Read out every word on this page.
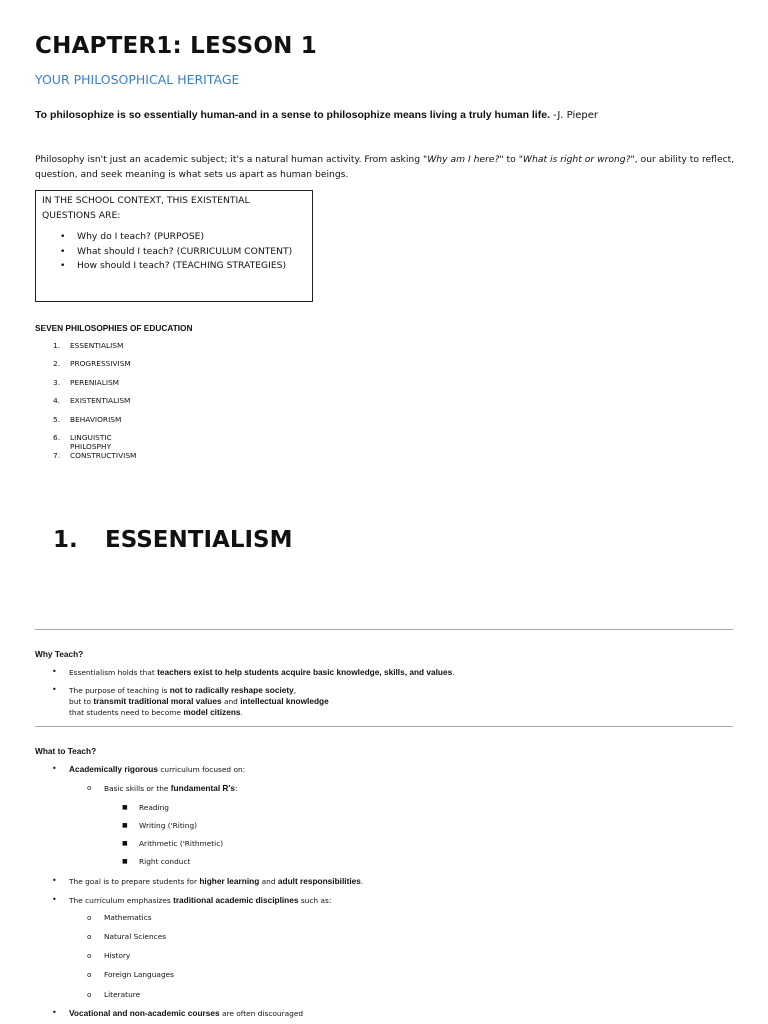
CHAPTER1: LESSON 1
YOUR PHILOSOPHICAL HERITAGE
To philosophize is so essentially human-and in a sense to philosophize means living a truly human life. -J. Pieper
Philosophy isn't just an academic subject; it's a natural human activity. From asking "Why am I here?" to "What is right or wrong?", our ability to reflect, question, and seek meaning is what sets us apart as human beings.
IN THE SCHOOL CONTEXT, THIS EXISTENTIAL QUESTIONS ARE:
• Why do I teach? (PURPOSE)
• What should I teach? (CURRICULUM CONTENT)
• How should I teach? (TEACHING STRATEGIES)
SEVEN PHILOSOPHIES OF EDUCATION
1.	ESSENTIALISM
2.	PROGRESSIVISM
3.	PERENIALISM
4.	EXISTENTIALISM
5.	BEHAVIORISM
6.	LINGUISTIC PHILOSPHY
7.	CONSTRUCTIVISM
1. ESSENTIALISM
Why Teach?
• Essentialism holds that teachers exist to help students acquire basic knowledge, skills, and values.
• The purpose of teaching is not to radically reshape society,
but to transmit traditional moral values and intellectual knowledge
that students need to become model citizens.
What to Teach?
• Academically rigorous curriculum focused on:
o Basic skills or the fundamental R's:
■ Reading
■ Writing ('Riting)
■ Arithmetic ('Rithmetic)
■ Right conduct
• The goal is to prepare students for higher learning and adult responsibilities.
• The curriculum emphasizes traditional academic disciplines such as:
o Mathematics
o Natural Sciences
o History
o Foreign Languages
o Literature
• Vocational and non-academic courses are often discouraged
